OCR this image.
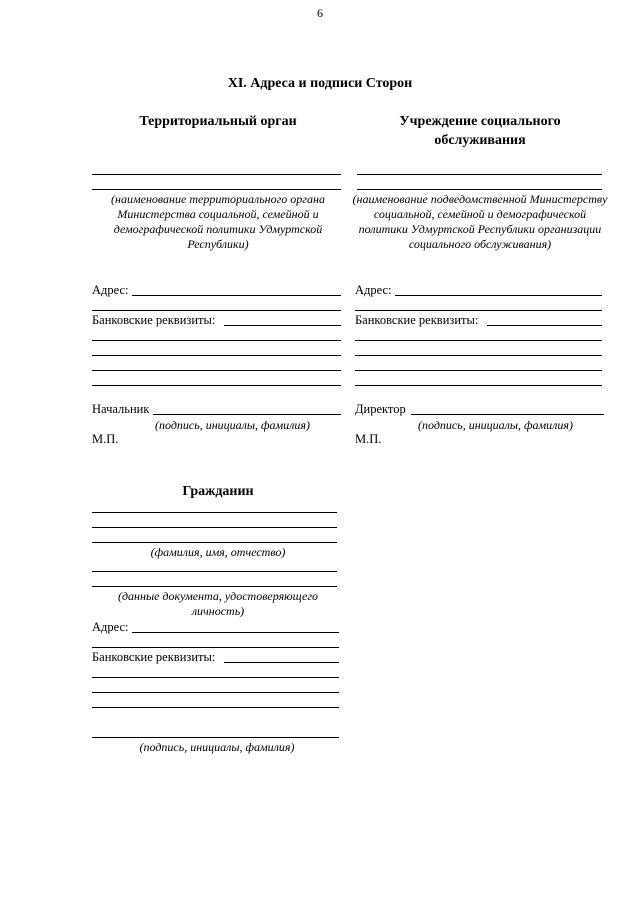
6
XI. Адреса и подписи Сторон
Территориальный орган
(наименование территориального органа Министерства социальной, семейной и демографической политики Удмуртской Республики)
Адрес:
Банковские реквизиты:
Начальник
(подпись, инициалы, фамилия)
М.П.
Учреждение социального обслуживания
(наименование подведомственной Министерству социальной, семейной и демографической политики Удмуртской Республики организации социального обслуживания)
Адрес:
Банковские реквизиты:
Директор
(подпись, инициалы, фамилия)
М.П.
Гражданин
(фамилия, имя, отчество)
(данные документа, удостоверяющего личность)
Адрес:
Банковские реквизиты:
(подпись, инициалы, фамилия)
